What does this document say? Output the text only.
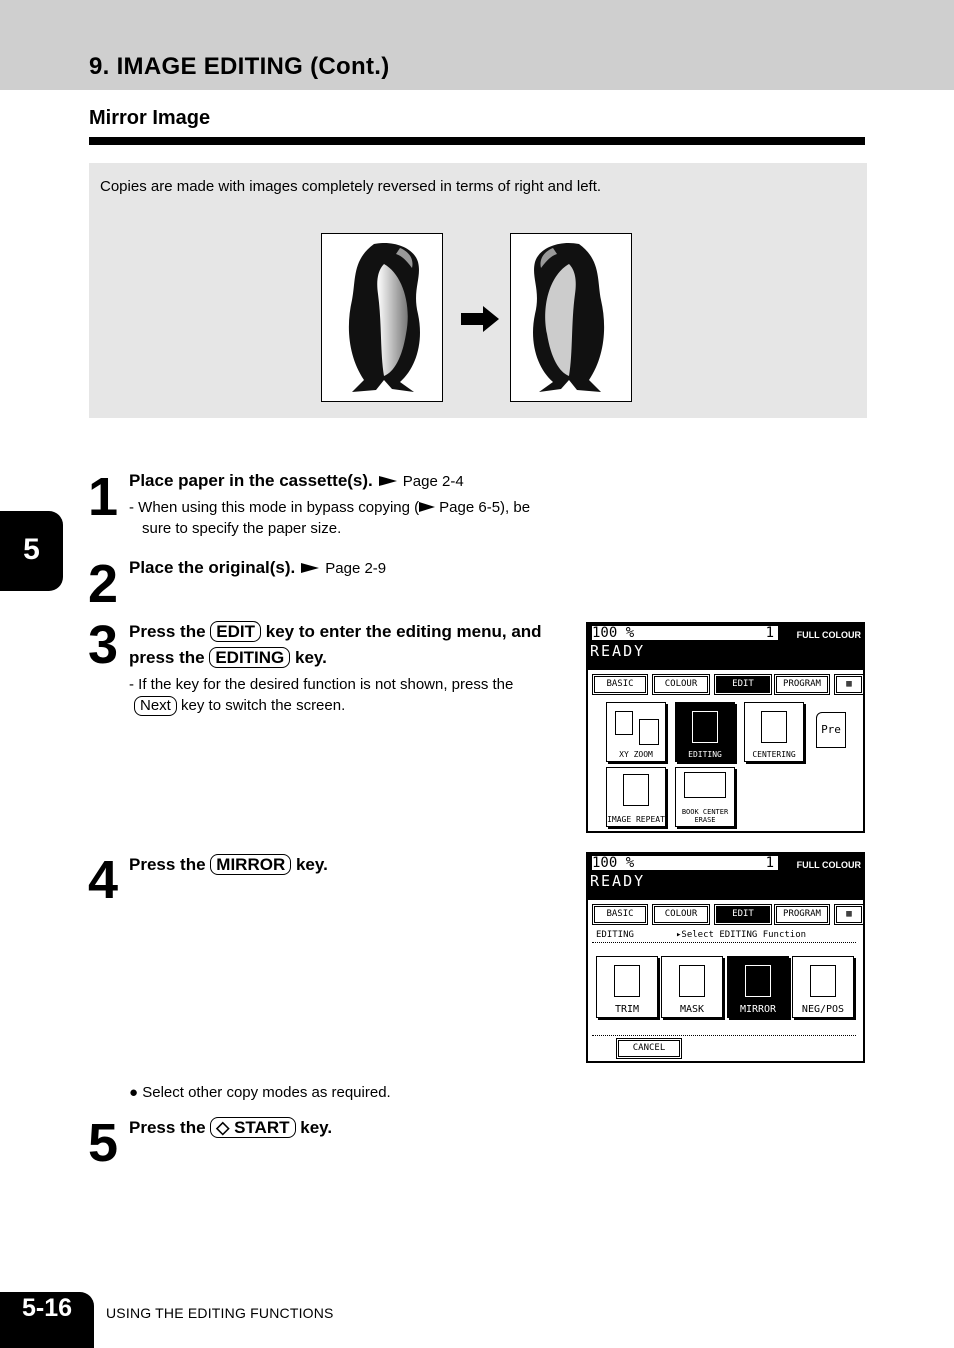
9. IMAGE EDITING (Cont.)
Mirror Image
Copies are made with images completely reversed in terms of right and left.
5
1 Place paper in the cassette(s). Page 2-4
- When using this mode in bypass copying ( Page 6-5), be
sure to specify the paper size.
2 Place the original(s). Page 2-9
3 Press the EDIT key to enter the editing menu, and
press the EDITING key.
- If the key for the desired function is not shown, press the
Next key to switch the screen.
100 %	1	FULL COLOUR
READY
BASIC	COLOUR	EDIT	PROGRAM	▦
XY ZOOM	EDITING	CENTERING
Pre
IMAGE REPEAT
BOOK CENTER ERASE
4 Press the MIRROR key.	100 %	1	FULL COLOUR
READY
BASIC	COLOUR	EDIT	PROGRAM	▦
EDITING	▸Select EDITING Function
TRIM	MASK	MIRROR	NEG/POS
CANCEL
● Select other copy modes as required.
5 Press the ◇ START key.
5-16	USING THE EDITING FUNCTIONS
